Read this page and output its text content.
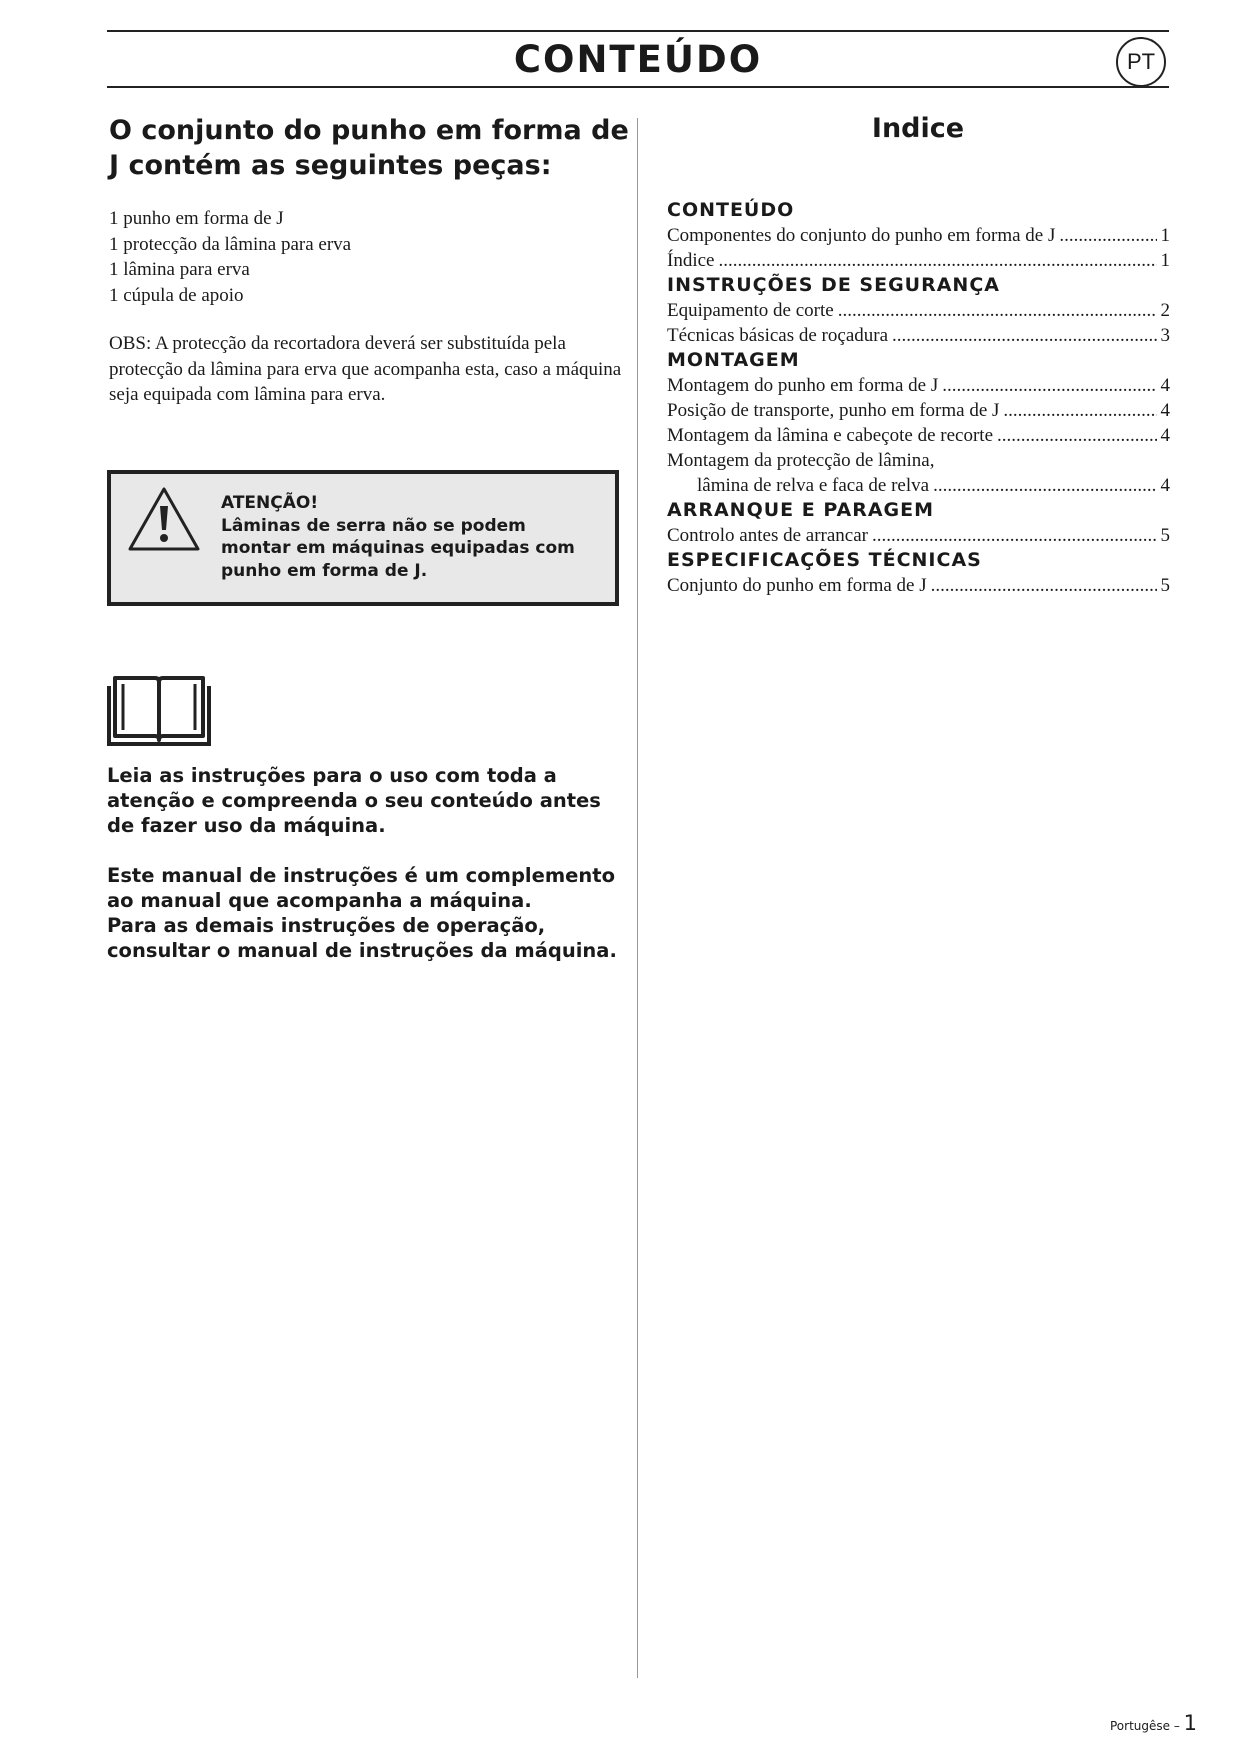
CONTEÚDO	PT
O conjunto do punho em forma de J contém as seguintes peças:
1 punho em forma de J
1 protecção da lâmina para erva
1 lâmina para erva
1 cúpula de apoio

OBS: A protecção da recortadora deverá ser substituída pela protecção da lâmina para erva que acompanha esta, caso a máquina seja equipada com lâmina para erva.

ATENÇÃO!
Lâminas de serra não se podem montar em máquinas equipadas com punho em forma de J.

Leia as instruções para o uso com toda a atenção e compreenda o seu conteúdo antes de fazer uso da máquina.

Este manual de instruções é um complemento ao manual que acompanha a máquina.
Para as demais instruções de operação, consultar o manual de instruções da máquina.
Indice
CONTEÚDO
Componentes do conjunto do punho em forma de J .....	1
Índice .....	1
INSTRUÇÕES DE SEGURANÇA
Equipamento de corte .....	2
Técnicas básicas de roçadura .....	3
MONTAGEM
Montagem do punho em forma de J .....	4
Posição de transporte, punho em forma de J .....	4
Montagem da lâmina e cabeçote de recorte .....	4
Montagem da protecção de lâmina,
lâmina de relva e faca de relva .....	4
ARRANQUE E PARAGEM
Controlo antes de arrancar .....	5
ESPECIFICAÇÕES TÉCNICAS
Conjunto do punho em forma de J .....	5
Portugêse – 1
